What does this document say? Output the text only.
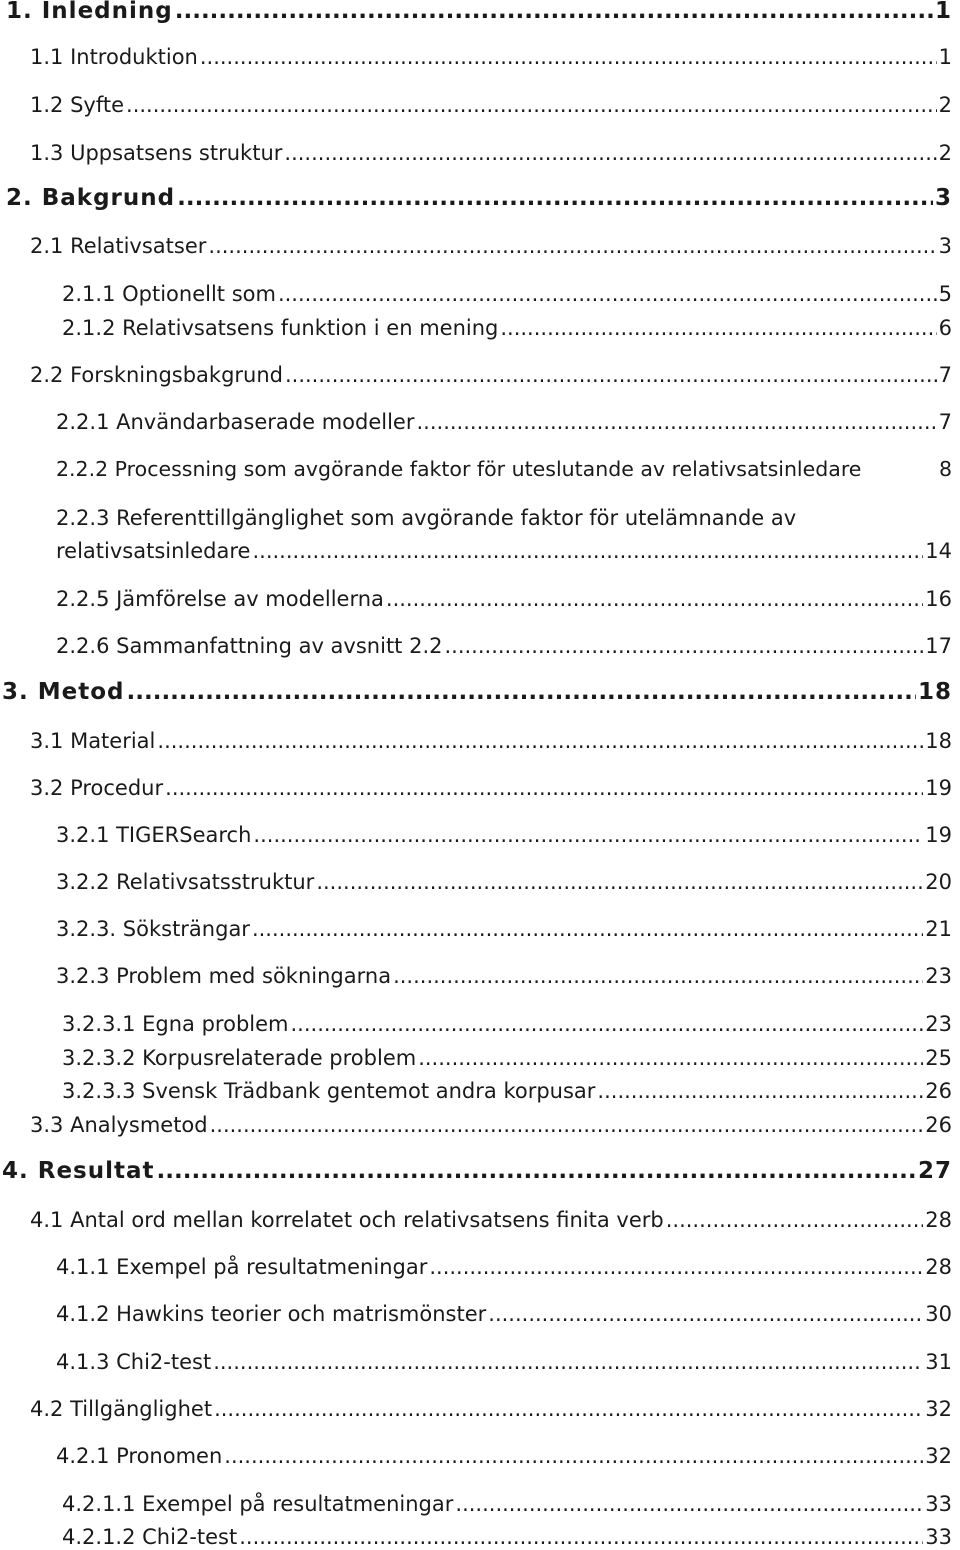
1. Inledning .....	1
1.1 Introduktion .....	1
1.2 Syfte .....	2
1.3 Uppsatsens struktur .....	2
2. Bakgrund .....	3
2.1 Relativsatser .....	3
2.1.1 Optionellt som .....	5
2.1.2 Relativsatsens funktion i en mening .....	6
2.2 Forskningsbakgrund .....	7
2.2.1 Användarbaserade modeller .....	7
2.2.2 Processning som avgörande faktor för uteslutande av relativsatsinledare	8
2.2.3 Referenttillgänglighet som avgörande faktor för utelämnande av
relativsatsinledare .....	14
2.2.5 Jämförelse av modellerna .....	16
2.2.6 Sammanfattning av avsnitt 2.2 .....	17
3. Metod .....	18
3.1 Material .....	18
3.2 Procedur .....	19
3.2.1 TIGERSearch .....	19
3.2.2 Relativsatsstruktur .....	20
3.2.3. Söksträngar .....	21
3.2.3 Problem med sökningarna .....	23
3.2.3.1 Egna problem .....	23
3.2.3.2 Korpusrelaterade problem .....	25
3.2.3.3 Svensk Trädbank gentemot andra korpusar .....	26
3.3 Analysmetod .....	26
4. Resultat .....	27
4.1 Antal ord mellan korrelatet och relativsatsens finita verb .....	28
4.1.1 Exempel på resultatmeningar .....	28
4.1.2 Hawkins teorier och matrismönster .....	30
4.1.3 Chi2-test .....	31
4.2 Tillgänglighet .....	32
4.2.1 Pronomen .....	32
4.2.1.1 Exempel på resultatmeningar .....	33
4.2.1.2 Chi2-test .....	33
